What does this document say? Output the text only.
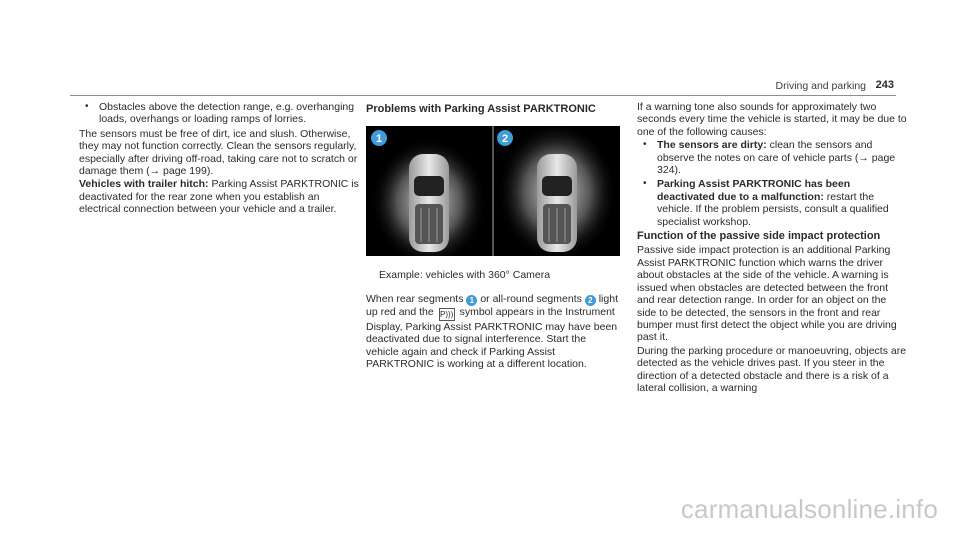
Driving and parking 243
• Obstacles above the detection range, e.g. overhanging loads, overhangs or loading ramps of lorries.

The sensors must be free of dirt, ice and slush. Otherwise, they may not function correctly. Clean the sensors regularly, especially after driving off-road, taking care not to scratch or damage them (→ page 199).

Vehicles with trailer hitch: Parking Assist PARKTRONIC is deactivated for the rear zone when you establish an electrical connection between your vehicle and a trailer.

Problems with Parking Assist PARKTRONIC
1	2
Example: vehicles with 360° Camera
When rear segments 1 or all-round segments 2 light up red and the P))) symbol appears in the Instrument Display, Parking Assist PARKTRONIC may have been deactivated due to signal interference. Start the vehicle again and check if Parking Assist PARKTRONIC is working at a different location.

If a warning tone also sounds for approximately two seconds every time the vehicle is started, it may be due to one of the following causes:

• The sensors are dirty: clean the sensors and observe the notes on care of vehicle parts (→ page 324).
• Parking Assist PARKTRONIC has been deactivated due to a malfunction: restart the vehicle. If the problem persists, consult a qualified specialist workshop.
Function of the passive side impact protection

Passive side impact protection is an additional Parking Assist PARKTRONIC function which warns the driver about obstacles at the side of the vehicle. A warning is issued when obstacles are detected between the front and rear detection range. In order for an object on the side to be detected, the sensors in the front and rear bumper must first detect the object while you are driving past it.

During the parking procedure or manoeuvring, objects are detected as the vehicle drives past. If you steer in the direction of a detected obstacle and there is a risk of a lateral collision, a warning

carmanualsonline.info
